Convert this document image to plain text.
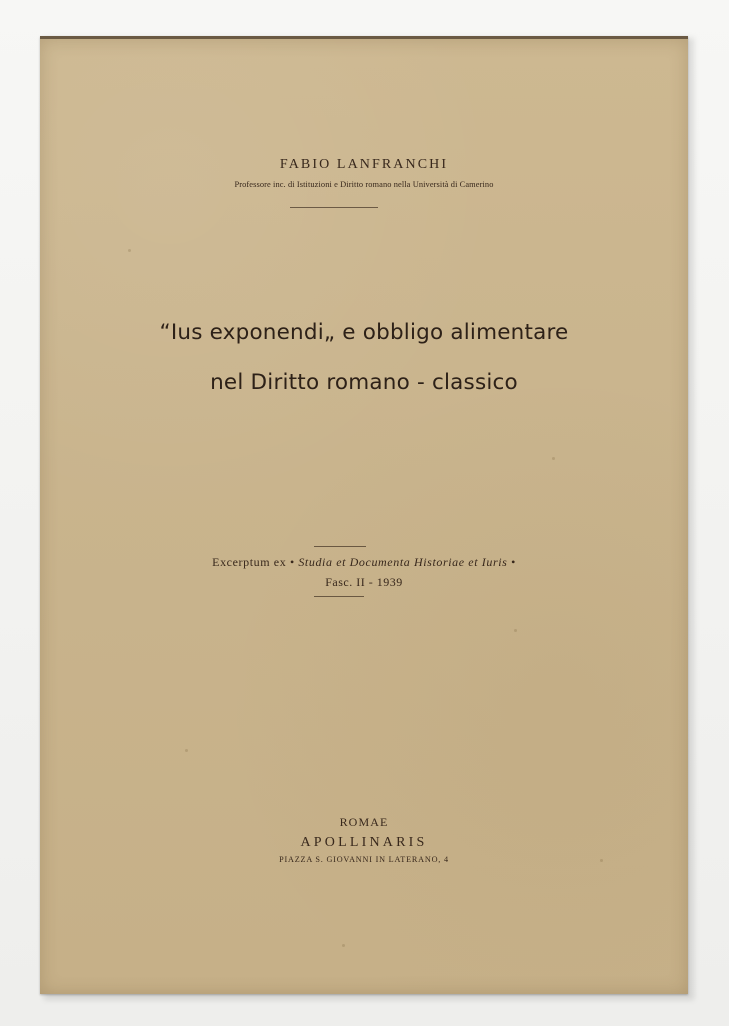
FABIO LANFRANCHI
Professore inc. di Istituzioni e Diritto romano nella Università di Camerino
“Ius exponendi„ e obbligo alimentare
nel Diritto romano - classico
Excerptum ex • Studia et Documenta Historiae et Iuris •
Fasc. II - 1939
ROMAE
APOLLINARIS
PIAZZA S. GIOVANNI IN LATERANO, 4
